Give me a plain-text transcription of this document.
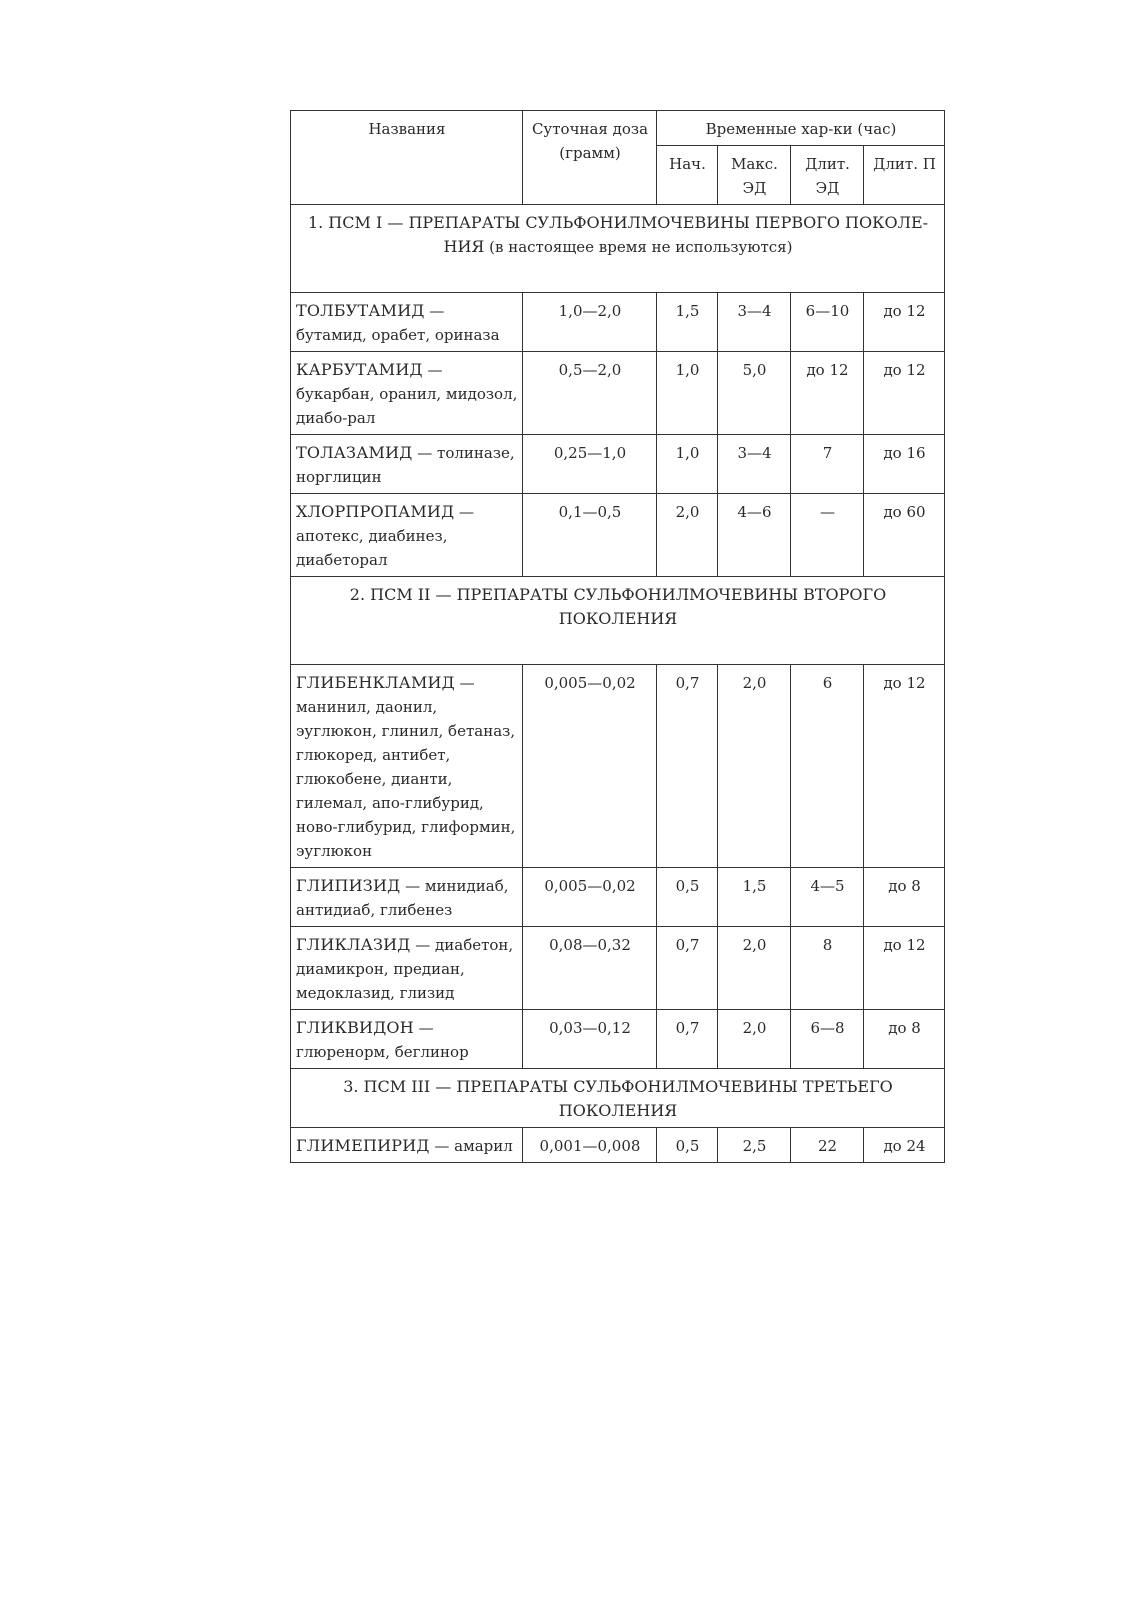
Названия	Суточная доза (грамм)	Временные хар-ки (час)			
		Нач.	Макс. ЭД	Длит. ЭД	Длит. П
1. ПСМ I — ПРЕПАРАТЫ СУЛЬФОНИЛМОЧЕВИНЫ ПЕРВОГО ПОКОЛЕ-НИЯ (в настоящее время не используются)					
ТОЛБУТАМИД — бутамид, орабет, ориназа	1,0—2,0	1,5	3—4	6—10	до 12
КАРБУТАМИД — букарбан, оранил, мидозол, диабо-рал	0,5—2,0	1,0	5,0	до 12	до 12
ТОЛАЗАМИД — толиназе, норглицин	0,25—1,0	1,0	3—4	7	до 16
ХЛОРПРОПАМИД — апотекс, диабинез, диабеторал	0,1—0,5	2,0	4—6	—	до 60
2. ПСМ II — ПРЕПАРАТЫ СУЛЬФОНИЛМОЧЕВИНЫ ВТОРОГО ПОКОЛЕНИЯ					
ГЛИБЕНКЛАМИД — манинил, даонил, эуглюкон, глинил, бетаназ, глюкоред, антибет, глюкобене, дианти, гилемал, апо-глибурид, ново-глибурид, глиформин, эуглюкон	0,005—0,02	0,7	2,0	6	до 12
ГЛИПИЗИД — минидиаб, антидиаб, глибенез	0,005—0,02	0,5	1,5	4—5	до 8
ГЛИКЛАЗИД — диабетон, диамикрон, предиан, медоклазид, глизид	0,08—0,32	0,7	2,0	8	до 12
ГЛИКВИДОН — глюренорм, беглинор	0,03—0,12	0,7	2,0	6—8	до 8
3. ПСМ III — ПРЕПАРАТЫ СУЛЬФОНИЛМОЧЕВИНЫ ТРЕТЬЕГО ПОКОЛЕНИЯ					
ГЛИМЕПИРИД — амарил	0,001—0,008	0,5	2,5	22	до 24
